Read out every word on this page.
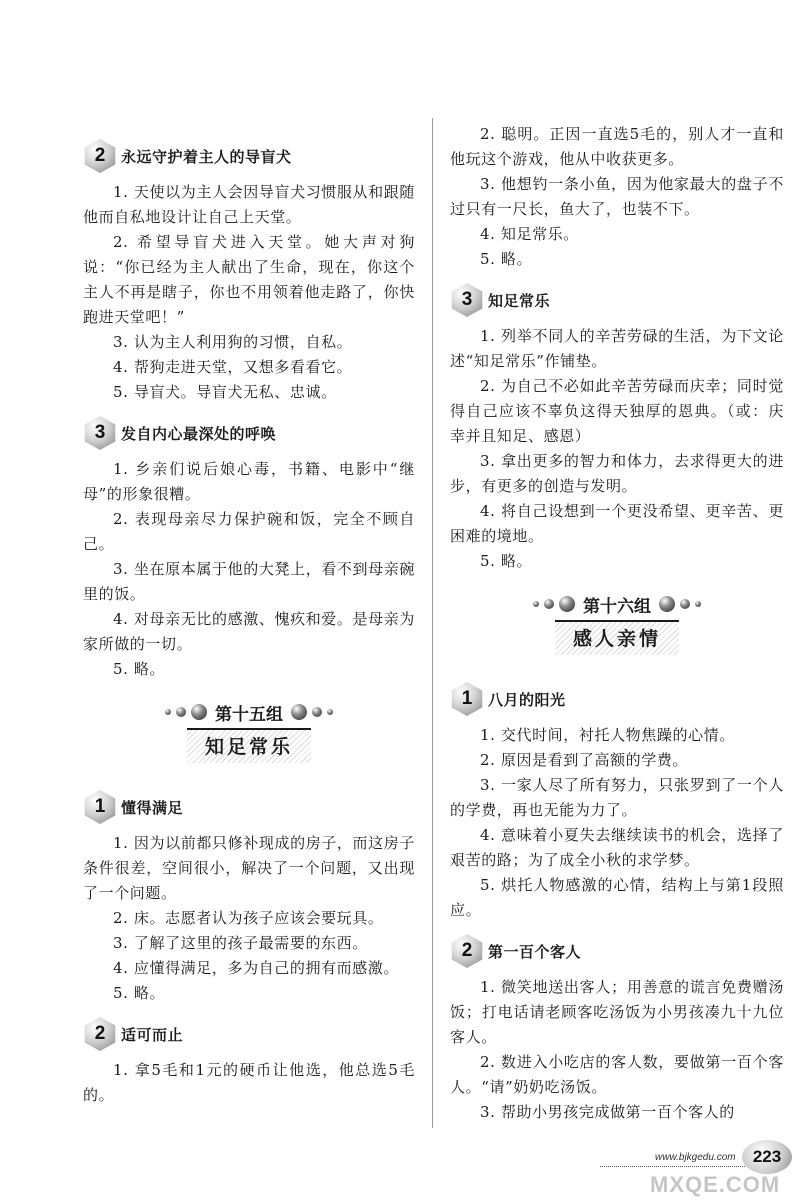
2	永远守护着主人的导盲犬

1. 天使以为主人会因导盲犬习惯服从和跟随他而自私地设计让自己上天堂。

2. 希望导盲犬进入天堂。她大声对狗说：“你已经为主人献出了生命，现在，你这个主人不再是瞎子，你也不用领着他走路了，你快跑进天堂吧！”

3. 认为主人利用狗的习惯，自私。

4. 帮狗走进天堂，又想多看看它。

5. 导盲犬。导盲犬无私、忠诚。

3	发自内心最深处的呼唤

1. 乡亲们说后娘心毒，书籍、电影中“继母”的形象很糟。

2. 表现母亲尽力保护碗和饭，完全不顾自己。

3. 坐在原本属于他的大凳上，看不到母亲碗里的饭。

4. 对母亲无比的感激、愧疚和爱。是母亲为家所做的一切。

5. 略。

第十五组
知足常乐
1	懂得满足

1. 因为以前都只修补现成的房子，而这房子条件很差，空间很小，解决了一个问题，又出现了一个问题。

2. 床。志愿者认为孩子应该会要玩具。

3. 了解了这里的孩子最需要的东西。

4. 应懂得满足，多为自己的拥有而感激。

5. 略。

2	适可而止

1. 拿5毛和1元的硬币让他选，他总选5毛的。

2. 聪明。正因一直选5毛的，别人才一直和他玩这个游戏，他从中收获更多。

3. 他想钓一条小鱼，因为他家最大的盘子不过只有一尺长，鱼大了，也装不下。

4. 知足常乐。

5. 略。

3	知足常乐

1. 列举不同人的辛苦劳碌的生活，为下文论述“知足常乐”作铺垫。

2. 为自己不必如此辛苦劳碌而庆幸；同时觉得自己应该不辜负这得天独厚的恩典。（或：庆幸并且知足、感恩）

3. 拿出更多的智力和体力，去求得更大的进步，有更多的创造与发明。

4. 将自己设想到一个更没希望、更辛苦、更困难的境地。

5. 略。

第十六组
感人亲情
1	八月的阳光

1. 交代时间，衬托人物焦躁的心情。

2. 原因是看到了高额的学费。

3. 一家人尽了所有努力，只张罗到了一个人的学费，再也无能为力了。

4. 意味着小夏失去继续读书的机会，选择了艰苦的路；为了成全小秋的求学梦。

5. 烘托人物感激的心情，结构上与第1段照应。

2	第一百个客人

1. 微笑地送出客人；用善意的谎言免费赠汤饭；打电话请老顾客吃汤饭为小男孩凑九十九位客人。

2. 数进入小吃店的客人数，要做第一百个客人。“请”奶奶吃汤饭。

3. 帮助小男孩完成做第一百个客人的

www.bjkgedu.com	223
MXQE.COM
